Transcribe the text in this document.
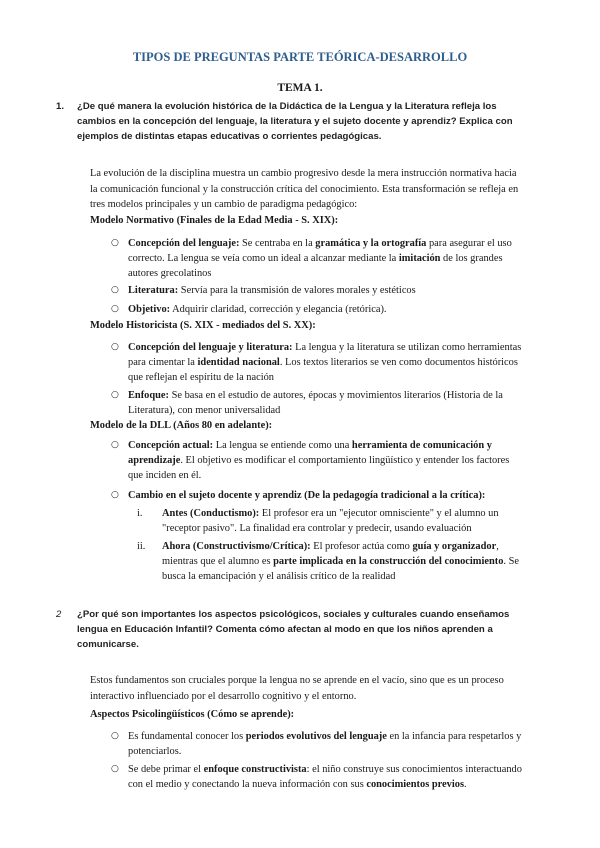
TIPOS DE PREGUNTAS PARTE TEÓRICA-DESARROLLO
TEMA 1.
1. ¿De qué manera la evolución histórica de la Didáctica de la Lengua y la Literatura refleja los cambios en la concepción del lenguaje, la literatura y el sujeto docente y aprendiz? Explica con ejemplos de distintas etapas educativas o corrientes pedagógicas.
La evolución de la disciplina muestra un cambio progresivo desde la mera instrucción normativa hacia la comunicación funcional y la construcción crítica del conocimiento. Esta transformación se refleja en tres modelos principales y un cambio de paradigma pedagógico:
Modelo Normativo (Finales de la Edad Media - S. XIX):
○ Concepción del lenguaje: Se centraba en la gramática y la ortografía para asegurar el uso correcto. La lengua se veía como un ideal a alcanzar mediante la imitación de los grandes autores grecolatinos
○ Literatura: Servía para la transmisión de valores morales y estéticos
○ Objetivo: Adquirir claridad, corrección y elegancia (retórica).
Modelo Historicista (S. XIX - mediados del S. XX):
○ Concepción del lenguaje y literatura: La lengua y la literatura se utilizan como herramientas para cimentar la identidad nacional. Los textos literarios se ven como documentos históricos que reflejan el espíritu de la nación
○ Enfoque: Se basa en el estudio de autores, épocas y movimientos literarios (Historia de la Literatura), con menor universalidad
Modelo de la DLL (Años 80 en adelante):
○ Concepción actual: La lengua se entiende como una herramienta de comunicación y aprendizaje. El objetivo es modificar el comportamiento lingüístico y entender los factores que inciden en él.
○ Cambio en el sujeto docente y aprendiz (De la pedagogía tradicional a la crítica):
i. Antes (Conductismo): El profesor era un "ejecutor omnisciente" y el alumno un "receptor pasivo". La finalidad era controlar y predecir, usando evaluación
ii. Ahora (Constructivismo/Crítica): El profesor actúa como guía y organizador, mientras que el alumno es parte implicada en la construcción del conocimiento. Se busca la emancipación y el análisis crítico de la realidad
2 ¿Por qué son importantes los aspectos psicológicos, sociales y culturales cuando enseñamos lengua en Educación Infantil? Comenta cómo afectan al modo en que los niños aprenden a comunicarse.
Estos fundamentos son cruciales porque la lengua no se aprende en el vacío, sino que es un proceso interactivo influenciado por el desarrollo cognitivo y el entorno.
Aspectos Psicolingüísticos (Cómo se aprende):
○ Es fundamental conocer los periodos evolutivos del lenguaje en la infancia para respetarlos y potenciarlos.
○ Se debe primar el enfoque constructivista: el niño construye sus conocimientos interactuando con el medio y conectando la nueva información con sus conocimientos previos.
